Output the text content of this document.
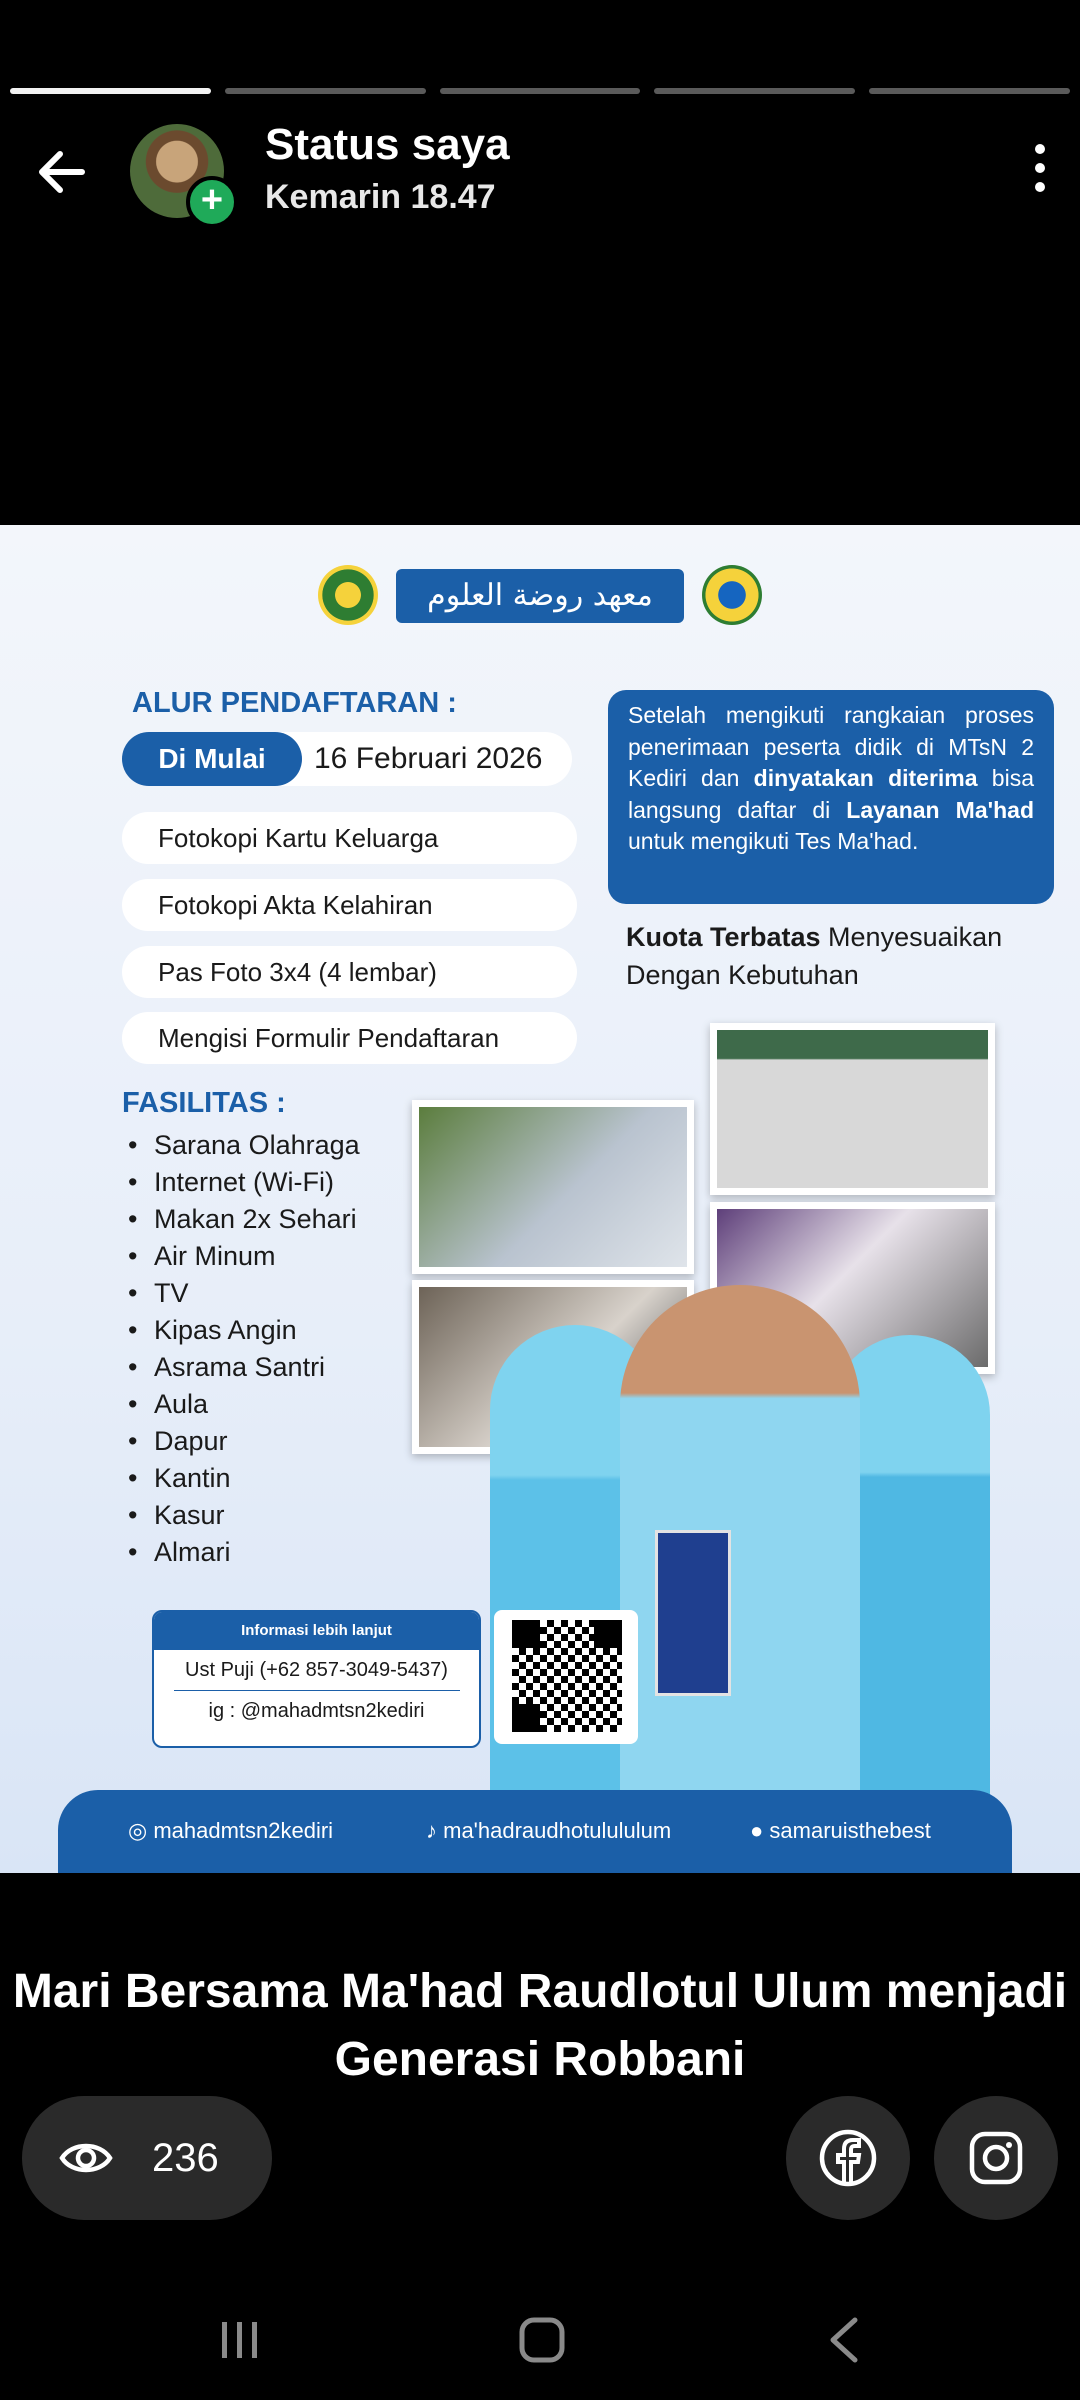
+
Status saya
Kemarin 18.47
معهد روضة العلوم
ALUR PENDAFTARAN :
Di Mulai	16 Februari 2026
Fotokopi Kartu Keluarga
Fotokopi Akta Kelahiran
Pas Foto 3x4 (4 lembar)
Mengisi Formulir Pendaftaran
Setelah mengikuti rangkaian proses penerimaan peserta didik di MTsN 2 Kediri dan dinyatakan diterima bisa langsung daftar di Layanan Ma'had untuk mengikuti Tes Ma'had.
Kuota Terbatas Menyesuaikan Dengan Kebutuhan
FASILITAS :
• Sarana Olahraga
• Internet (Wi-Fi)
• Makan 2x Sehari
• Air Minum
• TV
• Kipas Angin
• Asrama Santri
• Aula
• Dapur
• Kantin
• Kasur
• Almari
Informasi lebih lanjut
Ust Puji (+62 857-3049-5437)
ig : @mahadmtsn2kediri
◎ mahadmtsn2kediri	♪ ma'hadraudhotulululum	● samaruisthebest
Mari Bersama Ma'had Raudlotul Ulum menjadi Generasi Robbani
236
